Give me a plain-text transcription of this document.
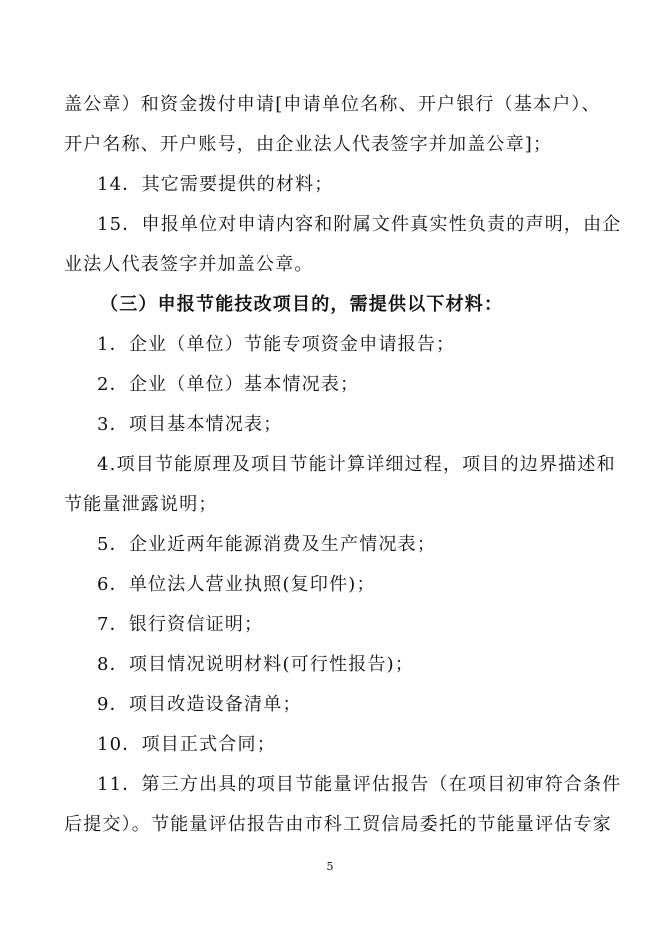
盖公章）和资金拨付申请[申请单位名称、开户银行（基本户）、
开户名称、开户账号，由企业法人代表签字并加盖公章]；
14．其它需要提供的材料；
15．申报单位对申请内容和附属文件真实性负责的声明，由企
业法人代表签字并加盖公章。
（三）申报节能技改项目的，需提供以下材料：
1．企业（单位）节能专项资金申请报告；
2．企业（单位）基本情况表；
3．项目基本情况表；
4.项目节能原理及项目节能计算详细过程，项目的边界描述和
节能量泄露说明；
5．企业近两年能源消费及生产情况表；
6．单位法人营业执照(复印件)；
7．银行资信证明；
8．项目情况说明材料(可行性报告)；
9．项目改造设备清单；
10．项目正式合同；
11．第三方出具的项目节能量评估报告（在项目初审符合条件
后提交）。节能量评估报告由市科工贸信局委托的节能量评估专家
5
